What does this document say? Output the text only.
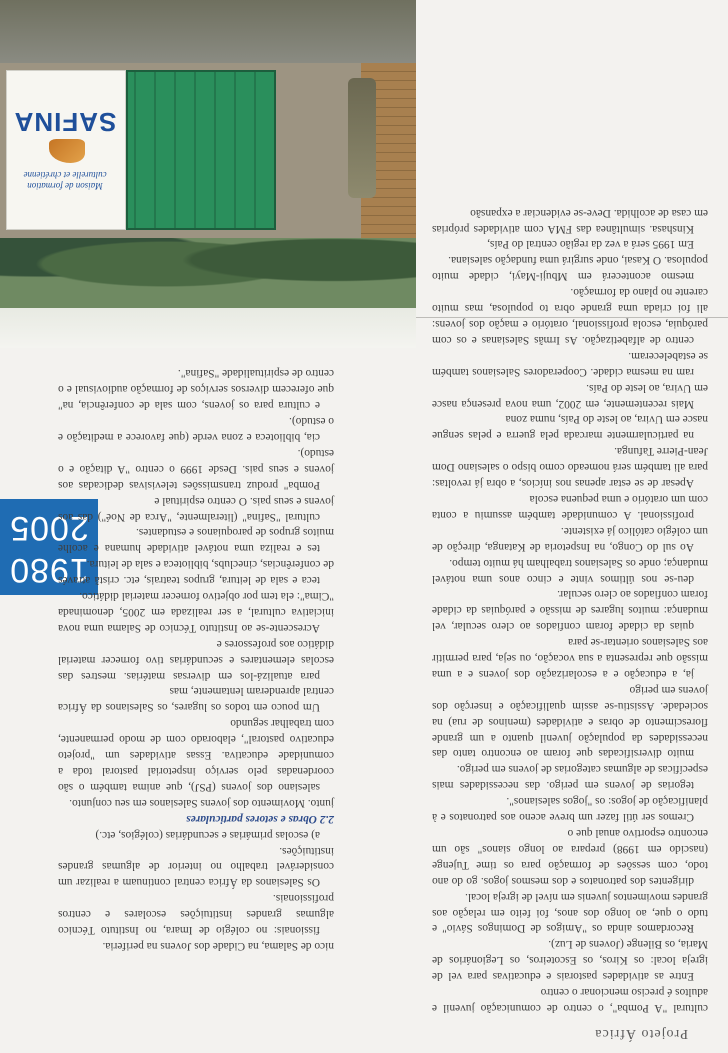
Projeto África

cultural "A Pomba", o centro de comunicação juvenil e adultos é preciso mencionar o centro

Entre as atividades pastorais e educativas para vel de igreja local: os Kiros, os Escoteiros, os Legionários de Maria, os Bilenge (Jovens de Luz).

Recordamos ainda os "Amigos de Domingos Sávio" e tudo o que, ao longo dos anos, foi feito em relação aos grandes movimentos juvenis em nível de igreja local.

dirigentes dos patronatos e dos mesmos jogos. go do ano todo, com sessões de formação para os time Tujenge (nascido em 1998) prepara ao longo sianos" são um encontro esportivo anual que o

Cremos ser útil fazer um breve aceno aos patronatos e à planificação de jogos: os "jogos salesianos".

tegorias de jovens em perigo. das necessidades mais específicas de algumas categorias de jovens em perigo.

muito diversificadas que foram ao encontro tanto das necessidades da população juvenil quanto a um grande florescimento de obras e atividades (meninos de rua) na sociedade. Assistiu-se assim qualificação e inserção dos jovens em perigo

ja, a educação e a escolarização dos jovens e a uma missão que representa a sua vocação, ou seja, para permitir aos Salesianos orientar-se para

quias da cidade foram confiados ao clero secular, vel mudança: muitos lugares de missão e paróquias da cidade foram confiados ao clero secular.

deu-se nos últimos vinte e cinco anos uma notável mudança; onde os Salesianos trabalham há muito tempo.

Ao sul do Congo, na Inspetoria de Katanga, direção de um colégio católico já existente.

profissional. A comunidade também assumiu a conta com um oratório e uma pequena escola

Apesar de se estar apenas nos inícios, a obra já revoltas: para ali também será nomeado como bispo o salesiano Dom Jean-Pierre Tafunga.

na particularmente marcada pela guerra e pelas sengue nasce em Uvira, ao leste do País, numa zona

Mais recentemente, em 2002, uma nova presença nasce em Uvira, ao leste do País.

ram na mesma cidade. Cooperadores Salesianos também se estabeleceram.

centro de alfabetização. As Irmãs Salesianas e os com paróquia, escola profissional, oratório e mação dos jovens: ali foi criada uma grande obra to populosa, mas muito carente no plano da formação.

mesmo acontecerá em Mbuji-Mayi, cidade muito populosa. O Kasai, onde surgirá uma fundação salesiana.

Em 1995 será a vez da região central do País,

Kinshasa. simultânea das FMA com atividades próprias em casa de acolhida. Deve-se evidenciar a expansão

Maison de formation culturelle et chrétienne
SAFINA
1980
2005

nico de Salama, na Cidade dos Jovens na periferia.

fissionais: no colégio de Imara, no Instituto Técnico algumas grandes instituições escolares e centros profissionais.

Os Salesianos da África central continuam a realizar um considerável trabalho no interior de algumas grandes instituições.

a) escolas primárias e secundárias (colégios, etc.)

2.2 Obras e setores particulares

junto. Movimento dos jovens Salesianos em seu conjunto.

salesiano dos jovens (PSJ), que anima também o são coordenadas pelo serviço inspetorial pastoral toda a comunidade educativa. Essas atividades um "projeto educativo pastoral", elaborado com de modo permanente, com trabalhar segundo

Um pouco em todos os lugares, os Salesianos da África central aprenderam lentamente, mas

para atualizá-los em diversas matérias. mestres das escolas elementares e secundárias tivo fornecer material didático aos professores e

Acrescente-se ao Instituto Técnico de Salama uma nova iniciativa cultural, a ser realizada em 2005, denominada "Cima": ela tem por objetivo fornecer material didático.

teca e sala de leitura, grupos teatrais, etc. cristã através de conferências, cineclubs, biblioteca e sala de leitura.

tes e realiza uma notável atividade humana e acolhe muitos grupos de paroquianos e estudantes.

cultural "Safina" (literalmente, "Arca de Noé") das aos jovens e seus pais. O centro espiritual e

Pomba" produz transmissões televisivas dedicadas aos jovens e seus pais. Desde 1999 o centro "A ditação e o estudo).

cia, biblioteca e zona verde (que favorece a meditação e o estudo).

e cultura para os jovens, com sala de conferência, na" que oferecem diversos serviços de formação audiovisual e o centro de espiritualidade "Safina".
